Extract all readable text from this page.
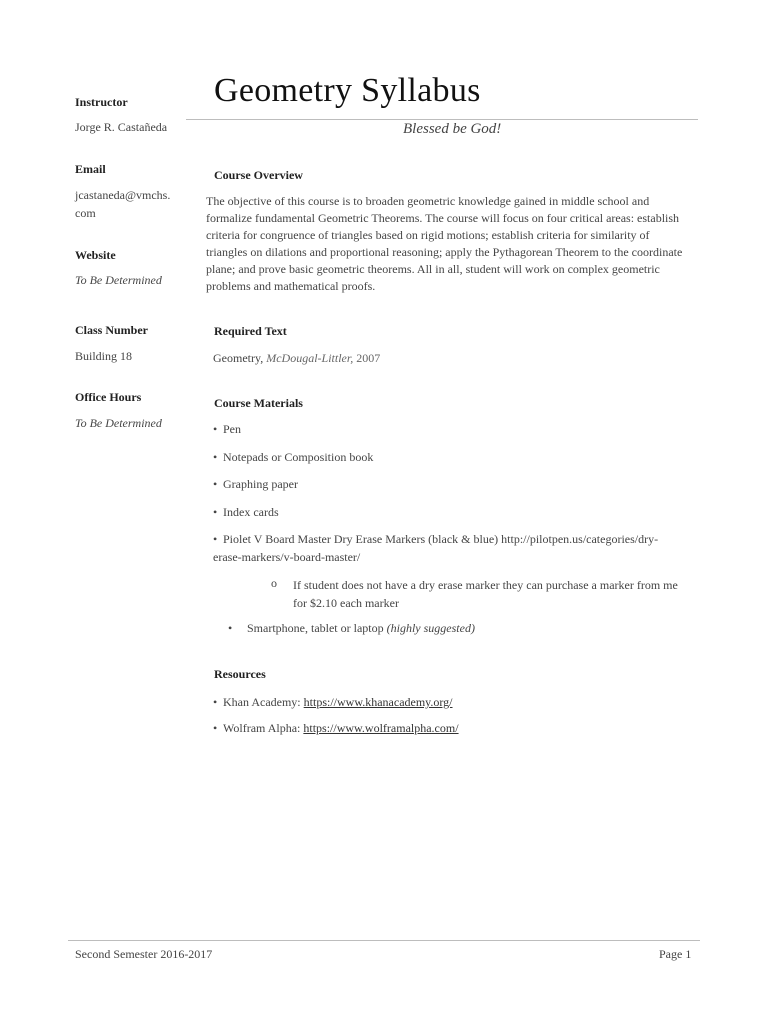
Instructor
Jorge R. Castañeda
Email
jcastaneda@vmchs.
com
Website
To Be Determined
Class Number
Building 18
Office Hours
To Be Determined
Geometry Syllabus
Blessed be God!
Course Overview
The objective of this course is to broaden geometric knowledge gained in middle school and formalize fundamental Geometric Theorems. The course will focus on four critical areas: establish criteria for congruence of triangles based on rigid motions; establish criteria for similarity of triangles on dilations and proportional reasoning; apply the Pythagorean Theorem to the coordinate plane; and prove basic geometric theorems. All in all, student will work on complex geometric problems and mathematical proofs.
Required Text
Geometry, McDougal-Littler, 2007
Course Materials
• Pen
• Notepads or Composition book
• Graphing paper
• Index cards
• Piolet V Board Master Dry Erase Markers (black & blue) http://pilotpen.us/categories/dry-
erase-markers/v-board-master/
o If student does not have a dry erase marker they can purchase a marker from me
for $2.10 each marker
• Smartphone, tablet or laptop (highly suggested)
Resources
• Khan Academy: https://www.khanacademy.org/
• Wolfram Alpha: https://www.wolframalpha.com/
Second Semester 2016-2017	Page 1
